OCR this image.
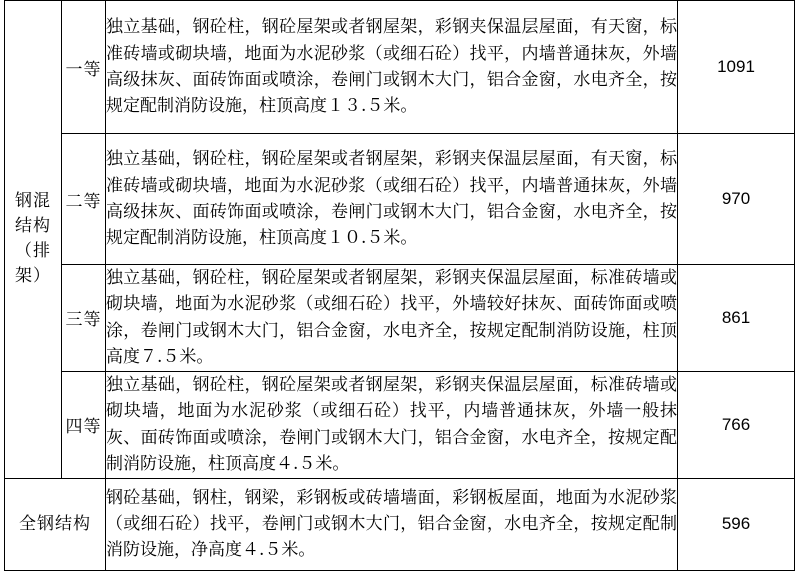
钢混结构（排架）	一等	独立基础，钢砼柱，钢砼屋架或者钢屋架，彩钢夹保温层屋面，有天窗，标准砖墙或砌块墙，地面为水泥砂浆（或细石砼）找平，内墙普通抹灰，外墙高级抹灰、面砖饰面或喷涂，卷闸门或钢木大门，铝合金窗，水电齐全，按规定配制消防设施，柱顶高度１３.５米。	1091
	二等	独立基础，钢砼柱，钢砼屋架或者钢屋架，彩钢夹保温层屋面，有天窗，标准砖墙或砌块墙，地面为水泥砂浆（或细石砼）找平，内墙普通抹灰，外墙高级抹灰、面砖饰面或喷涂，卷闸门或钢木大门，铝合金窗，水电齐全，按规定配制消防设施，柱顶高度１０.５米。	970
	三等	独立基础，钢砼柱，钢砼屋架或者钢屋架，彩钢夹保温层屋面，标准砖墙或砌块墙，地面为水泥砂浆（或细石砼）找平，外墙较好抹灰、面砖饰面或喷涂，卷闸门或钢木大门，铝合金窗，水电齐全，按规定配制消防设施，柱顶高度７.５米。	861
	四等	独立基础，钢砼柱，钢砼屋架或者钢屋架，彩钢夹保温层屋面，标准砖墙或砌块墙，地面为水泥砂浆（或细石砼）找平，内墙普通抹灰，外墙一般抹灰、面砖饰面或喷涂，卷闸门或钢木大门，铝合金窗，水电齐全，按规定配制消防设施，柱顶高度４.５米。	766
全钢结构		钢砼基础，钢柱，钢梁，彩钢板或砖墙墙面，彩钢板屋面，地面为水泥砂浆（或细石砼）找平，卷闸门或钢木大门，铝合金窗，水电齐全，按规定配制消防设施，净高度４.５米。	596
